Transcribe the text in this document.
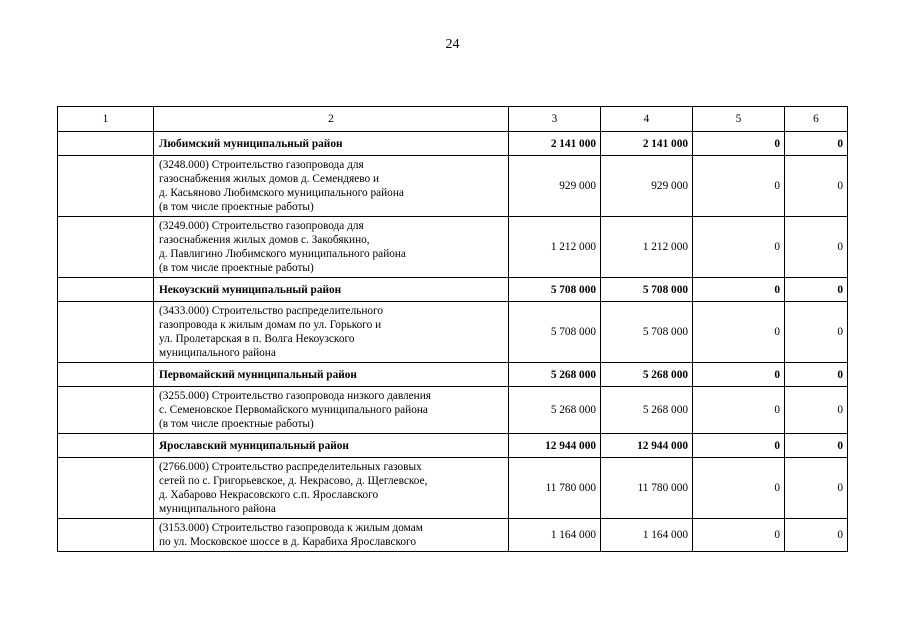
24
1	2	3	4	5	6
	Любимский муниципальный район	2 141 000	2 141 000	0	0

	(3248.000) Строительство газопровода для
газоснабжения жилых домов д. Семендяево и
д. Касьяново Любимского муниципального района
(в том числе проектные работы)	929 000	929 000	0	0

	(3249.000) Строительство газопровода для
газоснабжения жилых домов с. Закобякино,
д. Павлигино Любимского муниципального района
(в том числе проектные работы)	1 212 000	1 212 000	0	0
	Некоузский муниципальный район	5 708 000	5 708 000	0	0

	(3433.000) Строительство распределительного
газопровода к жилым домам по ул. Горького и
ул. Пролетарская в п. Волга Некоузского
муниципального района	5 708 000	5 708 000	0	0
	Первомайский муниципальный район	5 268 000	5 268 000	0	0

	(3255.000) Строительство газопровода низкого давления
с. Семеновское Первомайского муниципального района
(в том числе проектные работы)	5 268 000	5 268 000	0	0
	Ярославский муниципальный район	12 944 000	12 944 000	0	0

	(2766.000) Строительство распределительных газовых
сетей по с. Григорьевское, д. Некрасово, д. Щеглевское,
д. Хабарово Некрасовского с.п. Ярославского
муниципального района	11 780 000	11 780 000	0	0

	(3153.000) Строительство газопровода к жилым домам
по ул. Московское шоссе в д. Карабиха Ярославского	1 164 000	1 164 000	0	0
